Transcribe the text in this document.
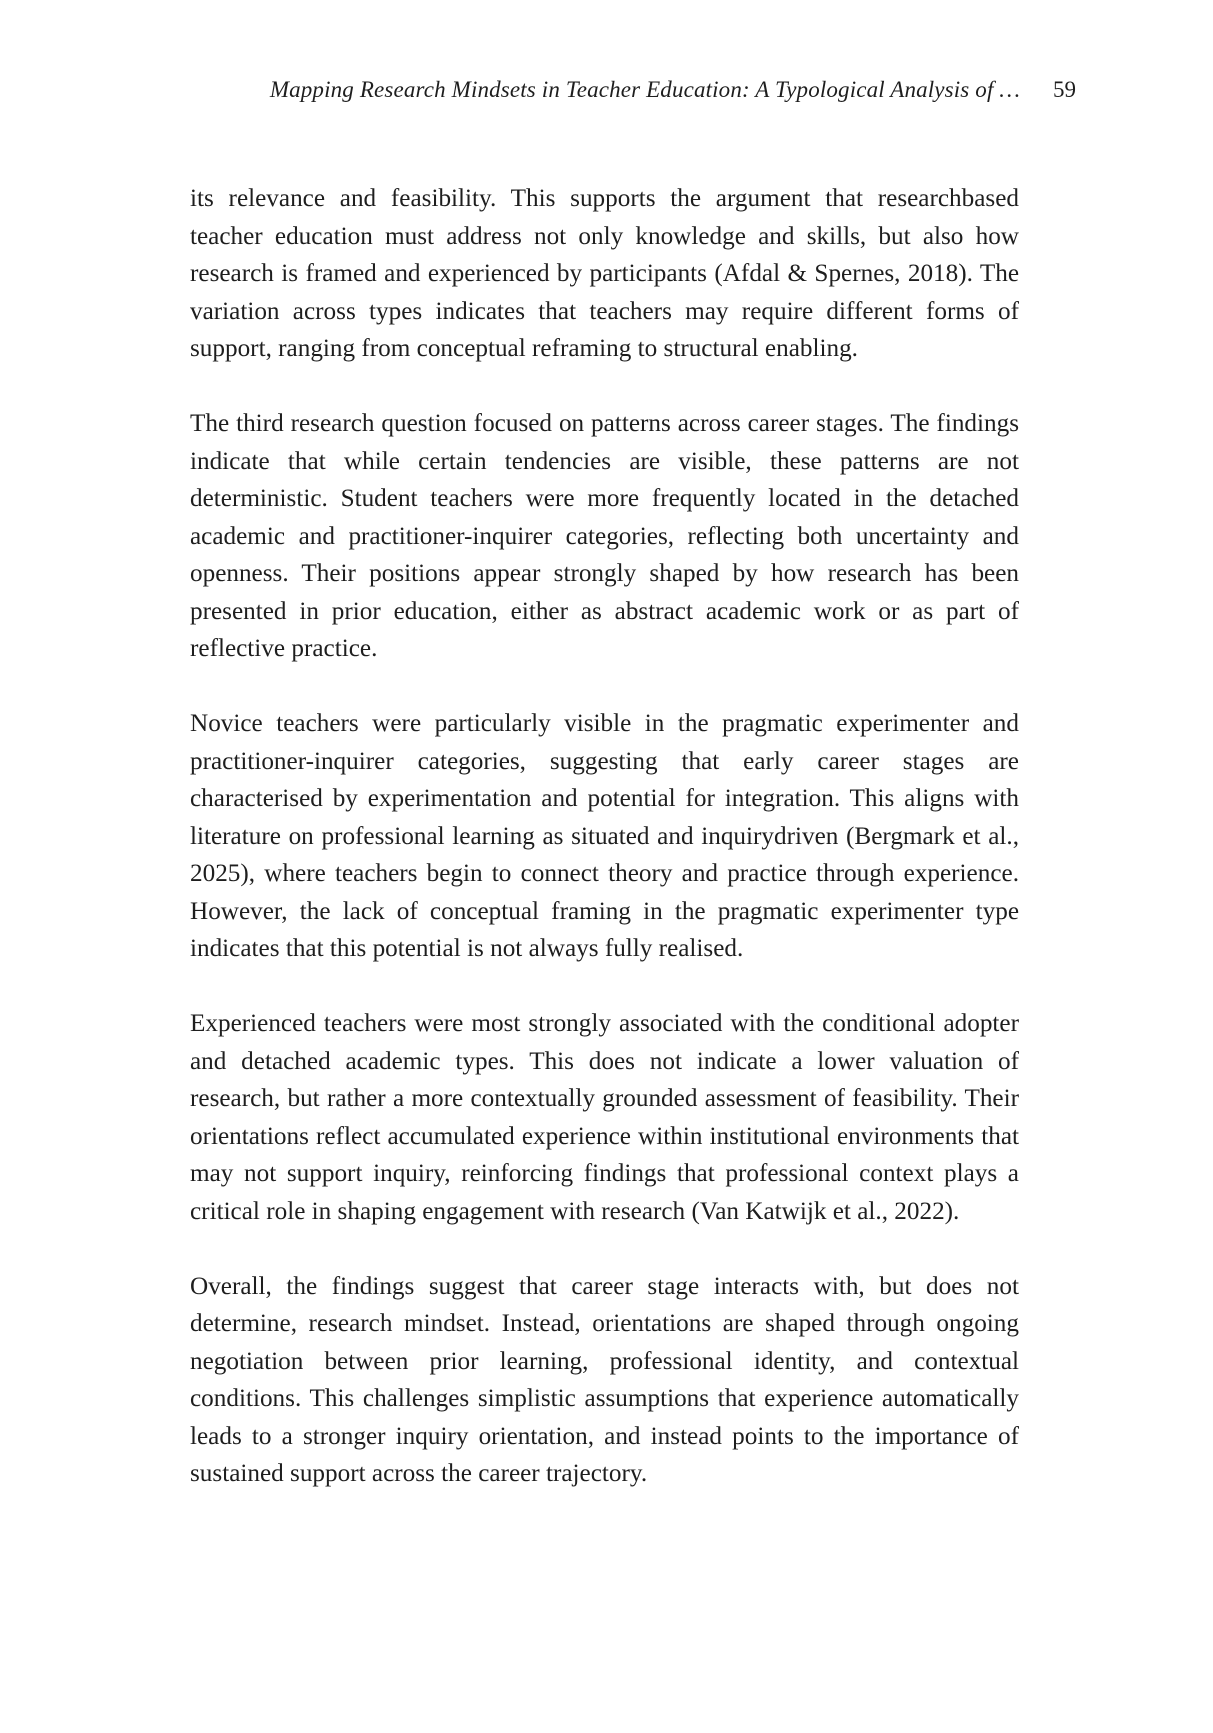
Mapping Research Mindsets in Teacher Education: A Typological Analysis of … 59

its relevance and feasibility. This supports the argument that researchbased teacher education must address not only knowledge and skills, but also how research is framed and experienced by participants (Afdal & Spernes, 2018). The variation across types indicates that teachers may require different forms of support, ranging from conceptual reframing to structural enabling.

The third research question focused on patterns across career stages. The findings indicate that while certain tendencies are visible, these patterns are not deterministic. Student teachers were more frequently located in the detached academic and practitioner-inquirer categories, reflecting both uncertainty and openness. Their positions appear strongly shaped by how research has been presented in prior education, either as abstract academic work or as part of reflective practice.

Novice teachers were particularly visible in the pragmatic experimenter and practitioner-inquirer categories, suggesting that early career stages are characterised by experimentation and potential for integration. This aligns with literature on professional learning as situated and inquirydriven (Bergmark et al., 2025), where teachers begin to connect theory and practice through experience. However, the lack of conceptual framing in the pragmatic experimenter type indicates that this potential is not always fully realised.

Experienced teachers were most strongly associated with the conditional adopter and detached academic types. This does not indicate a lower valuation of research, but rather a more contextually grounded assessment of feasibility. Their orientations reflect accumulated experience within institutional environments that may not support inquiry, reinforcing findings that professional context plays a critical role in shaping engagement with research (Van Katwijk et al., 2022).

Overall, the findings suggest that career stage interacts with, but does not determine, research mindset. Instead, orientations are shaped through ongoing negotiation between prior learning, professional identity, and contextual conditions. This challenges simplistic assumptions that experience automatically leads to a stronger inquiry orientation, and instead points to the importance of sustained support across the career trajectory.
